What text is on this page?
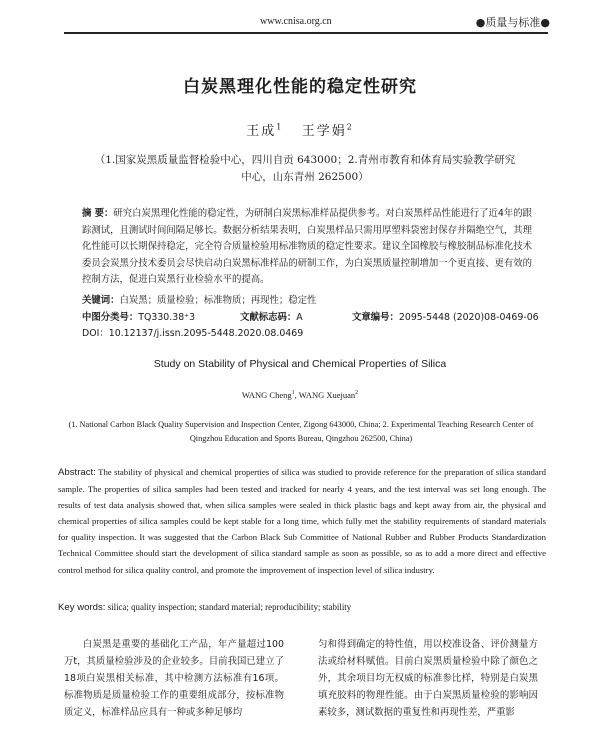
www.cnisa.org.cn	●质量与标准●
白炭黑理化性能的稳定性研究
王成$^1$ 王学娟$^2$
（1.国家炭黑质量监督检验中心，四川自贡 643000；2.青州市教育和体育局实验教学研究中心，山东青州 262500）
摘 要：研究白炭黑理化性能的稳定性，为研制白炭黑标准样品提供参考。对白炭黑样品性能进行了近4年的跟踪测试，且测试时间间隔足够长。数据分析结果表明，白炭黑样品只需用厚塑料袋密封保存并隔绝空气，其理化性能可以长期保持稳定，完全符合质量检验用标准物质的稳定性要求。建议全国橡胶与橡胶制品标准化技术委员会炭黑分技术委员会尽快启动白炭黑标准样品的研制工作，为白炭黑质量控制增加一个更直接、更有效的控制方法，促进白炭黑行业检验水平的提高。
关键词：白炭黑；质量检验；标准物质；再现性；稳定性
中图分类号：TQ330.38⁺3	文献标志码：A	文章编号：2095-5448 (2020)08-0469-06
DOI：10.12137/j.issn.2095-5448.2020.08.0469
Study on Stability of Physical and Chemical Properties of Silica
WANG Cheng$^1$, WANG Xuejuan$^2$
(1. National Carbon Black Quality Supervision and Inspection Center, Zigong 643000, China; 2. Experimental Teaching Research Center of Qingzhou Education and Sports Bureau, Qingzhou 262500, China)
Abstract: The stability of physical and chemical properties of silica was studied to provide reference for the preparation of silica standard sample. The properties of silica samples had been tested and tracked for nearly 4 years, and the test interval was set long enough. The results of test data analysis showed that, when silica samples were sealed in thick plastic bags and kept away from air, the physical and chemical properties of silica samples could be kept stable for a long time, which fully met the stability requirements of standard materials for quality inspection. It was suggested that the Carbon Black Sub Committee of National Rubber and Rubber Products Standardization Technical Committee should start the development of silica standard sample as soon as possible, so as to add a more direct and effective control method for silica quality control, and promote the improvement of inspection level of silica industry.
Key words: silica; quality inspection; standard material; reproducibility; stability
白炭黑是重要的基础化工产品，年产量超过100万t，其质量检验涉及的企业较多。目前我国已建立了18项白炭黑相关标准，其中检测方法标准有16项。标准物质是质量检验工作的重要组成部分，按标准物质定义，标准样品应具有一种或多种足够均
匀和得到确定的特性值，用以校准设备、评价测量方法或给材料赋值。目前白炭黑质量检验中除了颜色之外，其余项目均无权威的标准参比样，特别是白炭黑填充胶料的物理性能。由于白炭黑质量检验的影响因素较多，测试数据的重复性和再现性差，严重影
